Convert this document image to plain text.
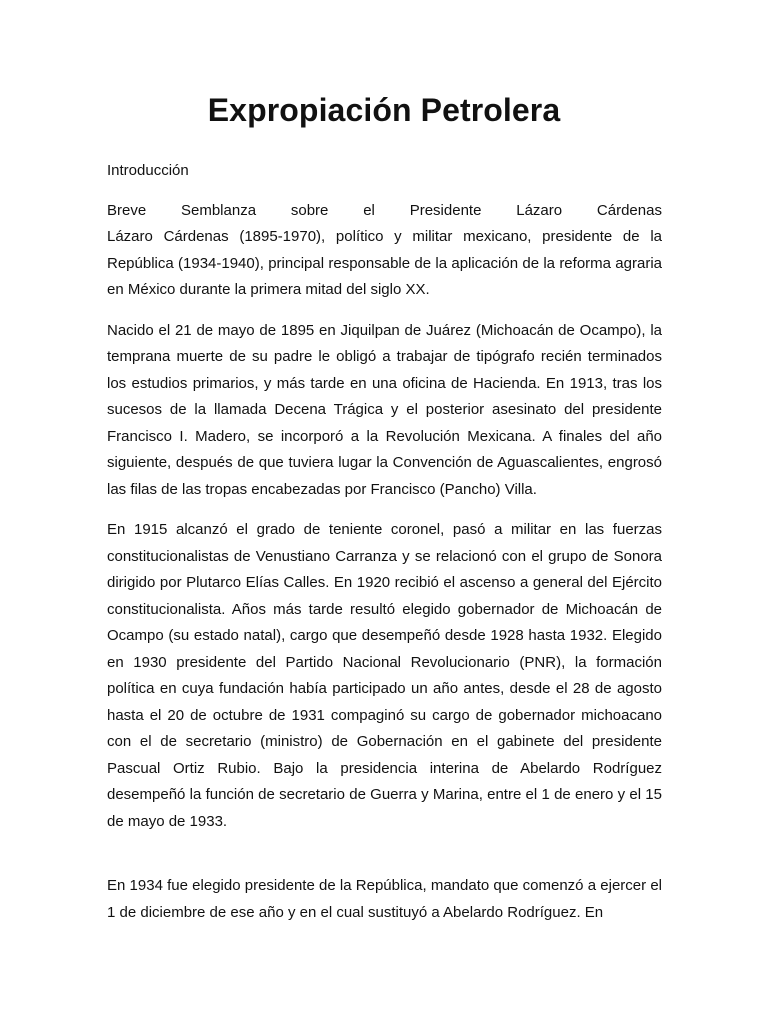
Expropiación Petrolera

Introducción

Breve Semblanza sobre el Presidente Lázaro Cárdenas
Lázaro Cárdenas (1895-1970), político y militar mexicano, presidente de la República (1934-1940), principal responsable de la aplicación de la reforma agraria en México durante la primera mitad del siglo XX.

Nacido el 21 de mayo de 1895 en Jiquilpan de Juárez (Michoacán de Ocampo), la temprana muerte de su padre le obligó a trabajar de tipógrafo recién terminados los estudios primarios, y más tarde en una oficina de Hacienda. En 1913, tras los sucesos de la llamada Decena Trágica y el posterior asesinato del presidente Francisco I. Madero, se incorporó a la Revolución Mexicana. A finales del año siguiente, después de que tuviera lugar la Convención de Aguascalientes, engrosó las filas de las tropas encabezadas por Francisco (Pancho) Villa.

En 1915 alcanzó el grado de teniente coronel, pasó a militar en las fuerzas constitucionalistas de Venustiano Carranza y se relacionó con el grupo de Sonora dirigido por Plutarco Elías Calles. En 1920 recibió el ascenso a general del Ejército constitucionalista. Años más tarde resultó elegido gobernador de Michoacán de Ocampo (su estado natal), cargo que desempeñó desde 1928 hasta 1932. Elegido en 1930 presidente del Partido Nacional Revolucionario (PNR), la formación política en cuya fundación había participado un año antes, desde el 28 de agosto hasta el 20 de octubre de 1931 compaginó su cargo de gobernador michoacano con el de secretario (ministro) de Gobernación en el gabinete del presidente Pascual Ortiz Rubio. Bajo la presidencia interina de Abelardo Rodríguez desempeñó la función de secretario de Guerra y Marina, entre el 1 de enero y el 15 de mayo de 1933.

En 1934 fue elegido presidente de la República, mandato que comenzó a ejercer el 1 de diciembre de ese año y en el cual sustituyó a Abelardo Rodríguez. En
